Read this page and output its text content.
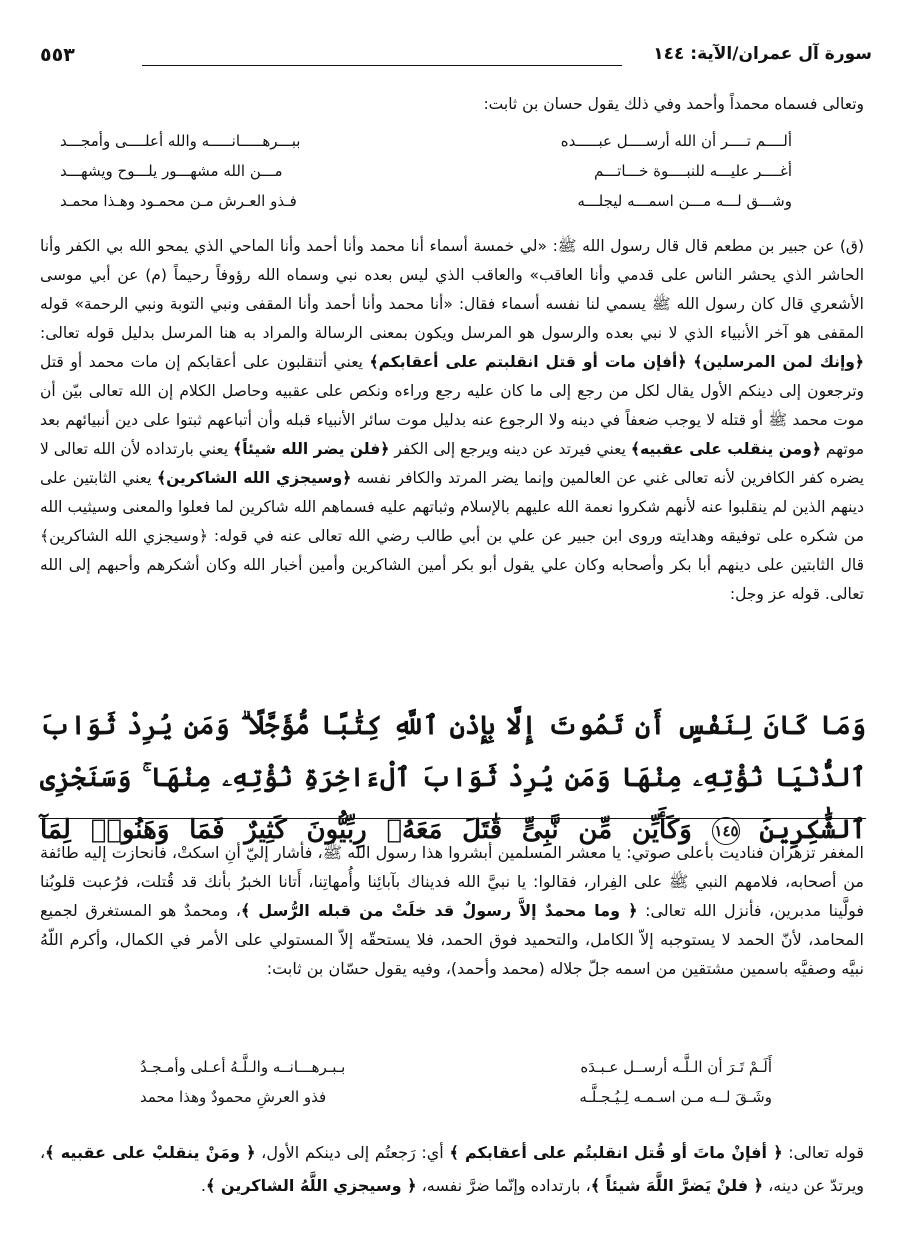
سورة آل عمران/الآية: ١٤٤
٥٥٣
وتعالى فسماه محمداً وأحمد وفي ذلك يقول حسان بن ثابت:
ألــــم تــــر أن الله أرســــل عبـــــده
ببـــرهـــــانـــــه والله أعلــــى وأمجـــد
أغــــر عليـــه للنبــــوة خـــاتـــم
مـــن الله مشهـــور يلـــوح ويشهـــد
وشـــق لـــه مـــن اسمـــه ليجلـــه
فـذو العـرش مـن محمـود وهـذا محمـد
(ق) عن جبير بن مطعم قال قال رسول الله ﷺ: «لي خمسة أسماء أنا محمد وأنا أحمد وأنا الماحي الذي يمحو الله بي الكفر وأنا الحاشر الذي يحشر الناس على قدمي وأنا العاقب» والعاقب الذي ليس بعده نبي وسماه الله رؤوفاً رحيماً (م) عن أبي موسى الأشعري قال كان رسول الله ﷺ يسمي لنا نفسه أسماء فقال: «أنا محمد وأنا أحمد وأنا المقفى ونبي التوبة ونبي الرحمة» قوله المقفى هو آخر الأنبياء الذي لا نبي بعده والرسول هو المرسل ويكون بمعنى الرسالة والمراد به هنا المرسل بدليل قوله تعالى: ﴿وإنك لمن المرسلين﴾ ﴿أفإن مات أو قتل انقلبتم على أعقابكم﴾ يعني أتنقلبون على أعقابكم إن مات محمد أو قتل وترجعون إلى دينكم الأول يقال لكل من رجع إلى ما كان عليه رجع وراءه ونكص على عقبيه وحاصل الكلام إن الله تعالى بيّن أن موت محمد ﷺ أو قتله لا يوجب ضعفاً في دينه ولا الرجوع عنه بدليل موت سائر الأنبياء قبله وأن أتباعهم ثبتوا على دين أنبيائهم بعد موتهم ﴿ومن ينقلب على عقبيه﴾ يعني فيرتد عن دينه ويرجع إلى الكفر ﴿فلن يضر الله شيئاً﴾ يعني بارتداده لأن الله تعالى لا يضره كفر الكافرين لأنه تعالى غني عن العالمين وإنما يضر المرتد والكافر نفسه ﴿وسيجزي الله الشاكرين﴾ يعني الثابتين على دينهم الذين لم ينقلبوا عنه لأنهم شكروا نعمة الله عليهم بالإسلام وثباتهم عليه فسماهم الله شاكرين لما فعلوا والمعنى وسيثيب الله من شكره على توفيقه وهدايته وروى ابن جبير عن علي بن أبي طالب رضي الله تعالى عنه في قوله: ﴿وسيجزي الله الشاكرين﴾ قال الثابتين على دينهم أبا بكر وأصحابه وكان علي يقول أبو بكر أمين الشاكرين وأمين أخبار الله وكان أشكرهم وأحبهم إلى الله تعالى. قوله عز وجل:
وَمَا كَانَ لِنَفْسٍ أَن تَمُوتَ إِلَّا بِإِذْنِ ٱللَّهِ كِتَٰبًا مُّؤَجَّلًا ۗ وَمَن يُرِدْ ثَوَابَ ٱلدُّنْيَا نُؤْتِهِۦ مِنْهَا وَمَن يُرِدْ ثَوَابَ ٱلْءَاخِرَةِ نُؤْتِهِۦ مِنْهَا ۚ وَسَنَجْزِى ٱلشَّٰكِرِينَ ١٤٥ وَكَأَيِّن مِّن نَّبِىٍّ قَٰتَلَ مَعَهُۥ رِبِّيُّونَ كَثِيرٌ فَمَا وَهَنُوا۟ لِمَآ
المغفر تزهران فناديت بأعلى صوتي: يا معشر المسلمين أبشروا هذا رسول الله ﷺ، فأشار إليّ أنِ اسكتْ، فانحازت إليه طائفة من أصحابه، فلامهم النبي ﷺ على الفِرار، فقالوا: يا نبيَّ الله فديناك بآبائِنا وأُمهاتِنا، أَتانا الخبرُ بأنك قد قُتلت، فرُعبت قلوبُنا فولَّينا مدبرين، فأنزل الله تعالى: ﴿ وما محمدٌ إلاَّ رسولٌ قد خلَتْ من قبله الرُّسل ﴾، ومحمدٌ هو المستغرق لجميع المحامد، لأنّ الحمد لا يستوجبه إلاّ الكامل، والتحميد فوق الحمد، فلا يستحقّه إلاّ المستولي على الأمر في الكمال، وأكرم اللّهُ نبيَّه وصفيَّه باسمين مشتقين من اسمه جلّ جلاله (محمد وأحمد)، وفيه يقول حسّان بن ثابت:
أَلَـمْ تَـرَ أن الـلَّـه أرســل عـبـدَه
بـبـرهـــانــه والـلَّـهُ أعـلى وأمـجـدُ
وشَـقَ لــه مـن اسـمـه لِـيُـجـلَّـه
فذو العرشِ محمودٌ وهذا محمد
قوله تعالى: ﴿ أفإنْ ماتَ أو قُتل انقلبتُم على أعقابكم ﴾ أي: رَجعتُم إلى دينكم الأول، ﴿ ومَنْ ينقلبْ على عقبيه ﴾، ويرتدّ عن دينه، ﴿ فلنْ يَضرَّ اللَّهَ شيئاً ﴾، بارتداده وإنّما ضرَّ نفسه، ﴿ وسيجزي اللَّهُ الشاكرين ﴾.
